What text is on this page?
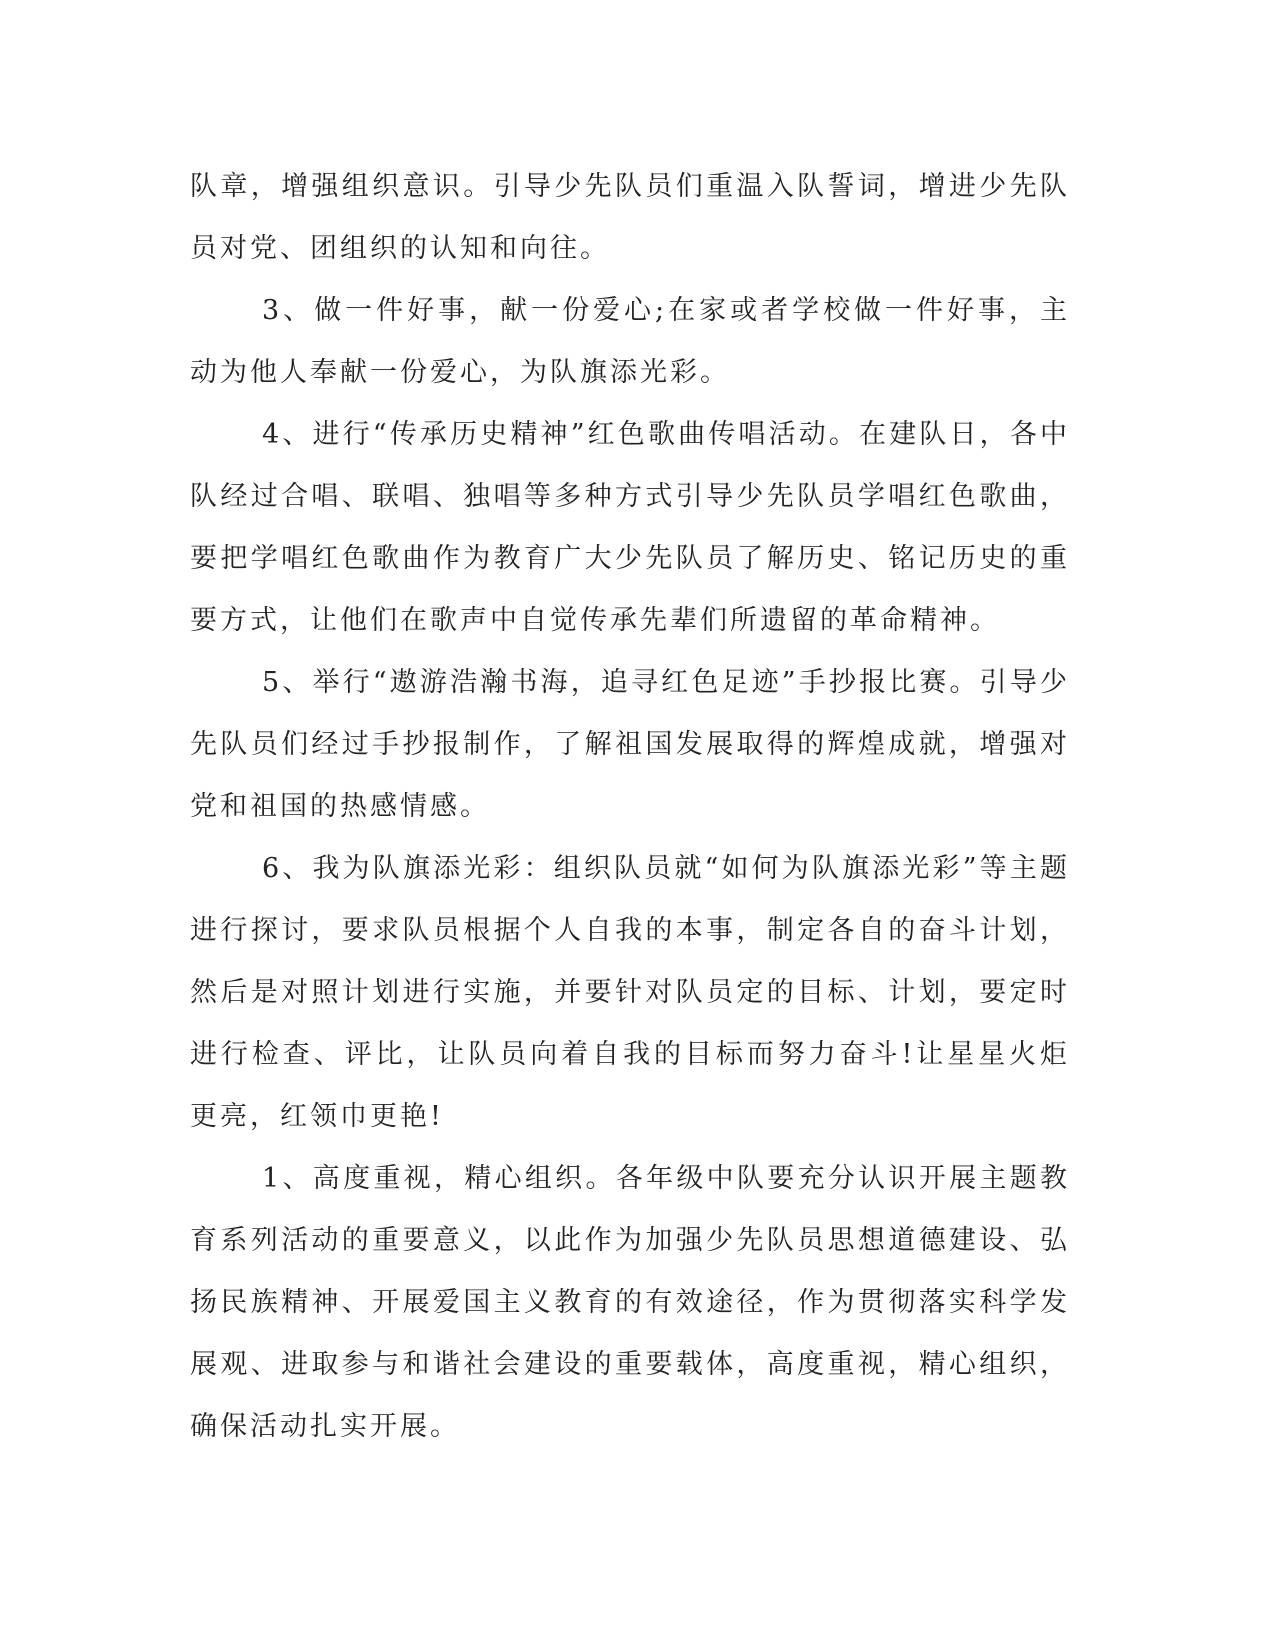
队章，增强组织意识。引导少先队员们重温入队誓词，增进少先队员对党、团组织的认知和向往。

3、做一件好事，献一份爱心;在家或者学校做一件好事，主动为他人奉献一份爱心，为队旗添光彩。

4、进行“传承历史精神”红色歌曲传唱活动。在建队日，各中队经过合唱、联唱、独唱等多种方式引导少先队员学唱红色歌曲，要把学唱红色歌曲作为教育广大少先队员了解历史、铭记历史的重要方式，让他们在歌声中自觉传承先辈们所遗留的革命精神。

5、举行“遨游浩瀚书海，追寻红色足迹”手抄报比赛。引导少先队员们经过手抄报制作，了解祖国发展取得的辉煌成就，增强对党和祖国的热感情感。

6、我为队旗添光彩：组织队员就“如何为队旗添光彩”等主题进行探讨，要求队员根据个人自我的本事，制定各自的奋斗计划，然后是对照计划进行实施，并要针对队员定的目标、计划，要定时进行检查、评比，让队员向着自我的目标而努力奋斗!让星星火炬更亮，红领巾更艳!

1、高度重视，精心组织。各年级中队要充分认识开展主题教育系列活动的重要意义，以此作为加强少先队员思想道德建设、弘扬民族精神、开展爱国主义教育的有效途径，作为贯彻落实科学发展观、进取参与和谐社会建设的重要载体，高度重视，精心组织，确保活动扎实开展。
